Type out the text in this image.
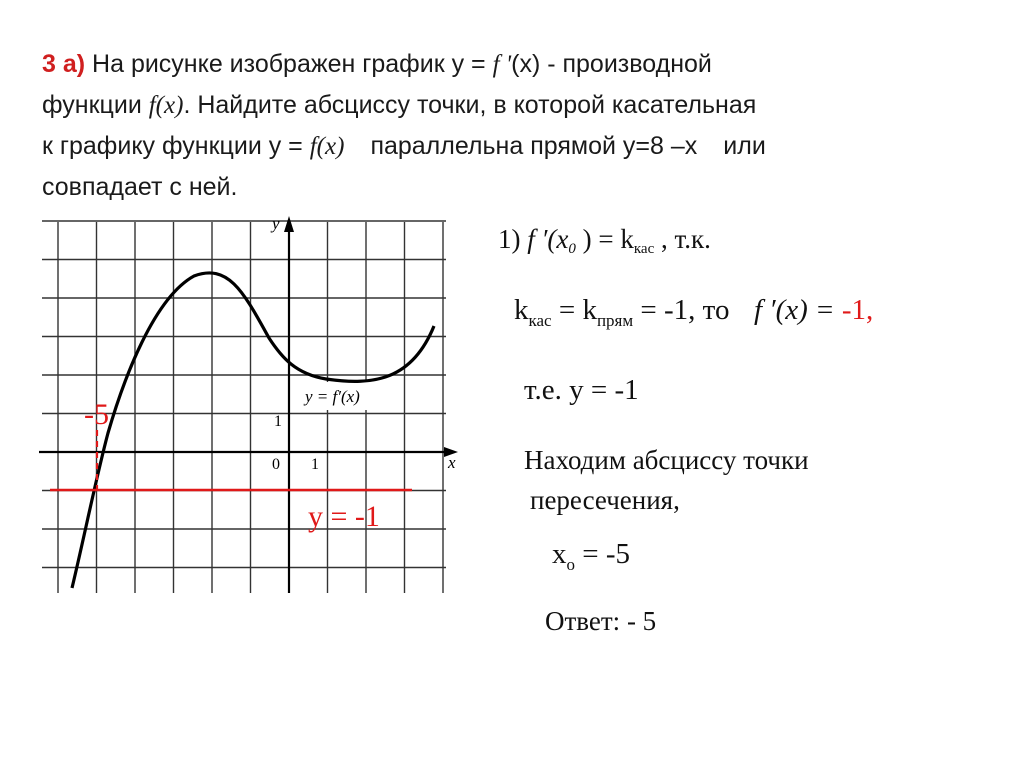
3 а) На рисунке изображен график y = f '(x) - производной
функции f(x). Найдите абсциссу точки, в которой касательная
к графику функции y = f(x) параллельна прямой y=8 –x или
совпадает с ней.
1) f ′(x0 ) = kкас , т.к.
$k_{кас} = k_{прям} = -1$, то f ′(x) = -1,
т.е. y = -1
Находим абсциссу точки
пересечения,
$x_o = -5$
Ответ: - 5
y
x
0 1
1
y = f′(x)
-5
y = -1
